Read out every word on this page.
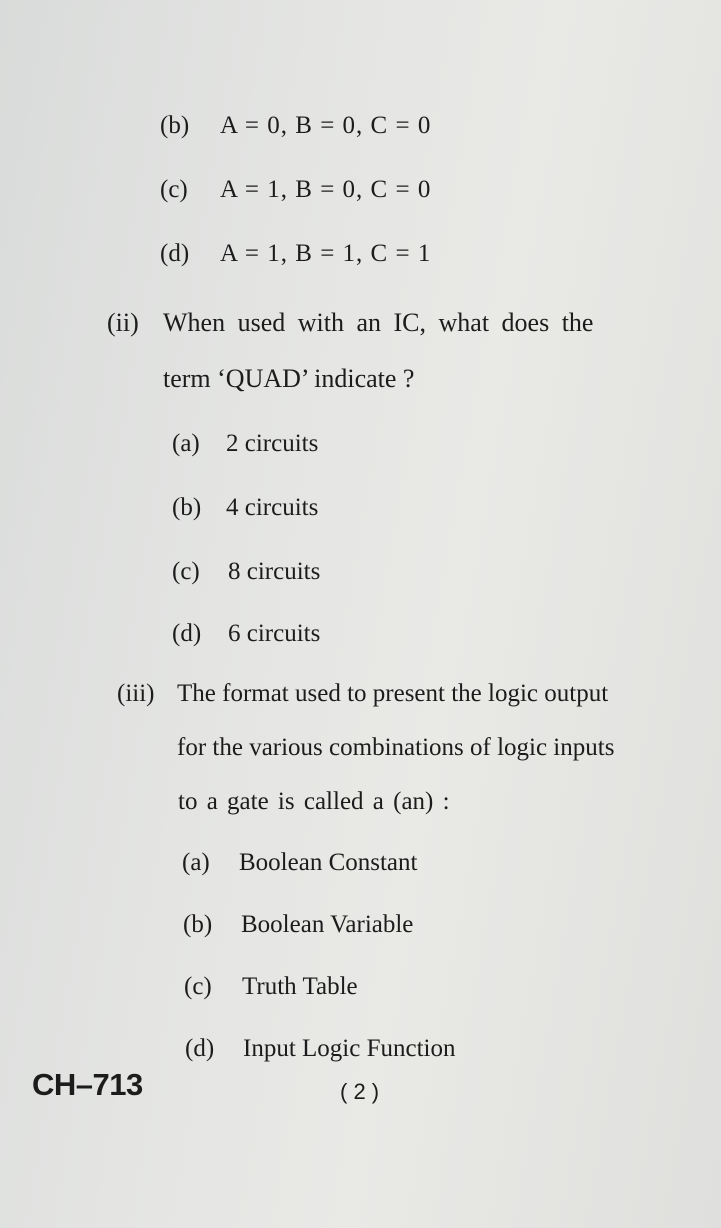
(b) A = 0, B = 0, C = 0
(c) A = 1, B = 0, C = 0
(d) A = 1, B = 1, C = 1
(ii) When used with an IC, what does the
term ‘QUAD’ indicate ?
(a) 2 circuits
(b) 4 circuits
(c) 8 circuits
(d) 6 circuits
(iii) The format used to present the logic output
for the various combinations of logic inputs
to a gate is called a (an) :
(a) Boolean Constant
(b) Boolean Variable
(c) Truth Table
(d) Input Logic Function
CH–713	( 2 )
